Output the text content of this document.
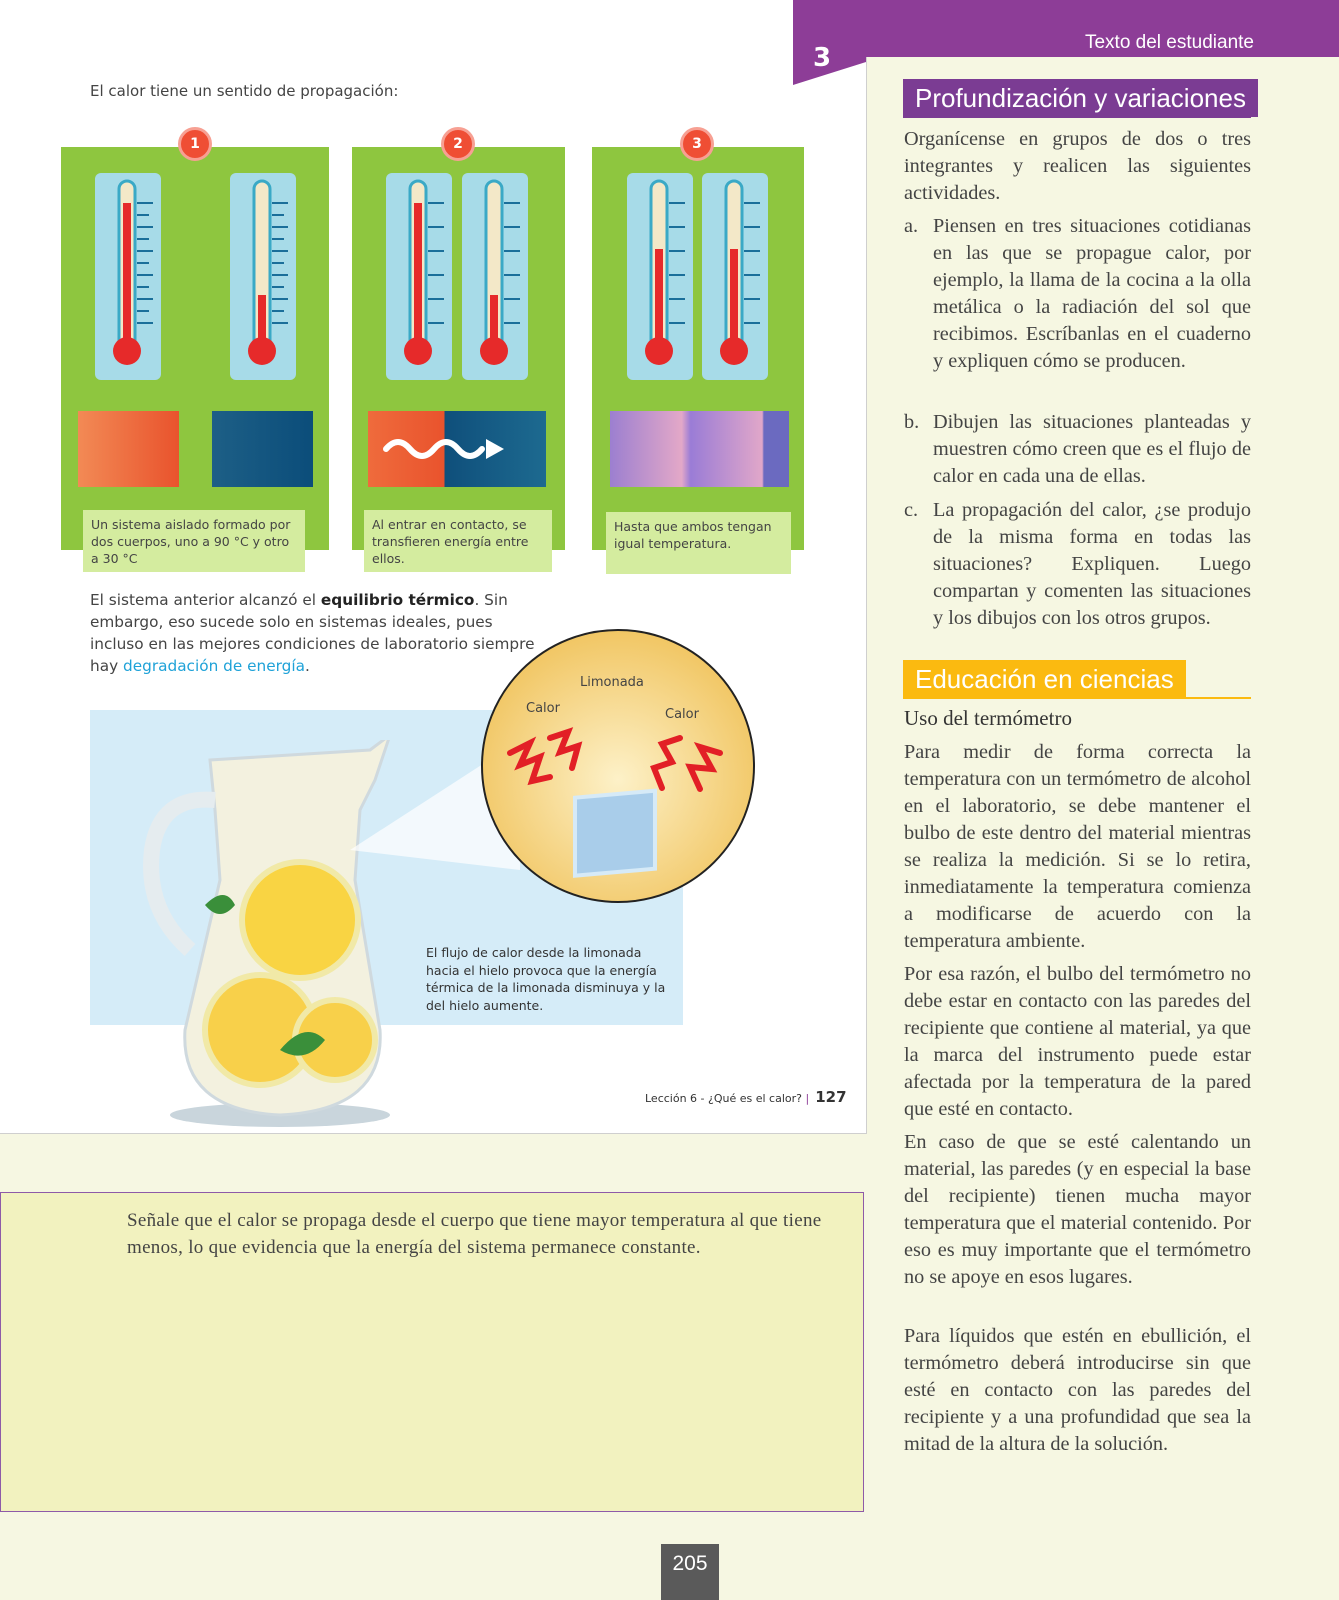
3
El calor tiene un sentido de propagación:
1
Un sistema aislado formado por dos cuerpos, uno a 90 °C y otro a 30 °C
2
Al entrar en contacto, se transfieren energía entre ellos.
3
Hasta que ambos tengan igual temperatura.
El sistema anterior alcanzó el equilibrio térmico. Sin embargo, eso sucede solo en sistemas ideales, pues incluso en las mejores condiciones de laboratorio siempre hay degradación de energía.
Limonada
Calor	Calor
El flujo de calor desde la limonada hacia el hielo provoca que la energía térmica de la limonada disminuya y la del hielo aumente.
Lección 6 - ¿Qué es el calor? | 127
Señale que el calor se propaga desde el cuerpo que tiene mayor temperatura al que tiene menos, lo que evidencia que la energía del sistema permanece constante.
Texto del estudiante
Profundización y variaciones
Organícense en grupos de dos o tres integrantes y realicen las siguientes actividades.
a. Piensen en tres situaciones cotidianas en las que se propague calor, por ejemplo, la llama de la cocina a la olla metálica o la radiación del sol que recibimos. Escríbanlas en el cuaderno y expliquen cómo se producen.
b. Dibujen las situaciones planteadas y muestren cómo creen que es el flujo de calor en cada una de ellas.
c. La propagación del calor, ¿se produjo de la misma forma en todas las situaciones? Expliquen. Luego compartan y comenten las situaciones y los dibujos con los otros grupos.
Educación en ciencias
Uso del termómetro
Para medir de forma correcta la temperatura con un termómetro de alcohol en el laboratorio, se debe mantener el bulbo de este dentro del material mientras se realiza la medición. Si se lo retira, inmediatamente la temperatura comienza a modificarse de acuerdo con la temperatura ambiente.
Por esa razón, el bulbo del termómetro no debe estar en contacto con las paredes del recipiente que contiene al material, ya que la marca del instrumento puede estar afectada por la temperatura de la pared que esté en contacto.
En caso de que se esté calentando un material, las paredes (y en especial la base del recipiente) tienen mucha mayor temperatura que el material contenido. Por eso es muy importante que el termómetro no se apoye en esos lugares.
Para líquidos que estén en ebullición, el termómetro deberá introducirse sin que esté en contacto con las paredes del recipiente y a una profundidad que sea la mitad de la altura de la solución.
205
